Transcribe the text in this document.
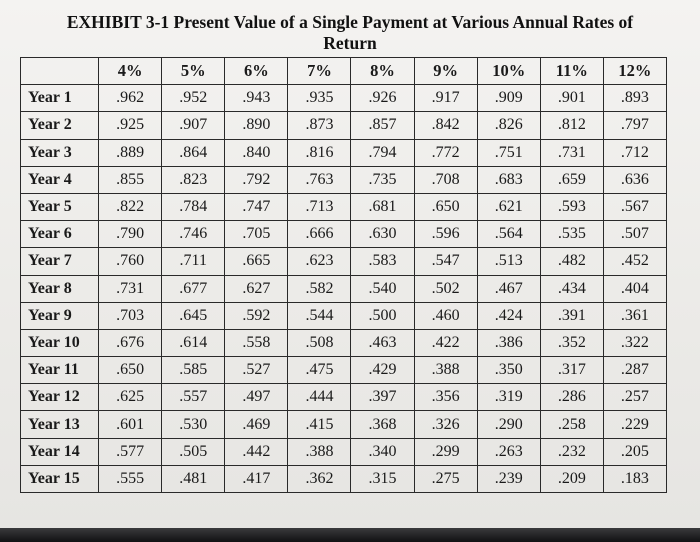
EXHIBIT 3-1 Present Value of a Single Payment at Various Annual Rates of
Return
	4%	5%	6%	7%	8%	9%	10%	11%	12%
Year 1	.962	.952	.943	.935	.926	.917	.909	.901	.893
Year 2	.925	.907	.890	.873	.857	.842	.826	.812	.797
Year 3	.889	.864	.840	.816	.794	.772	.751	.731	.712
Year 4	.855	.823	.792	.763	.735	.708	.683	.659	.636
Year 5	.822	.784	.747	.713	.681	.650	.621	.593	.567
Year 6	.790	.746	.705	.666	.630	.596	.564	.535	.507
Year 7	.760	.711	.665	.623	.583	.547	.513	.482	.452
Year 8	.731	.677	.627	.582	.540	.502	.467	.434	.404
Year 9	.703	.645	.592	.544	.500	.460	.424	.391	.361
Year 10	.676	.614	.558	.508	.463	.422	.386	.352	.322
Year 11	.650	.585	.527	.475	.429	.388	.350	.317	.287
Year 12	.625	.557	.497	.444	.397	.356	.319	.286	.257
Year 13	.601	.530	.469	.415	.368	.326	.290	.258	.229
Year 14	.577	.505	.442	.388	.340	.299	.263	.232	.205
Year 15	.555	.481	.417	.362	.315	.275	.239	.209	.183
